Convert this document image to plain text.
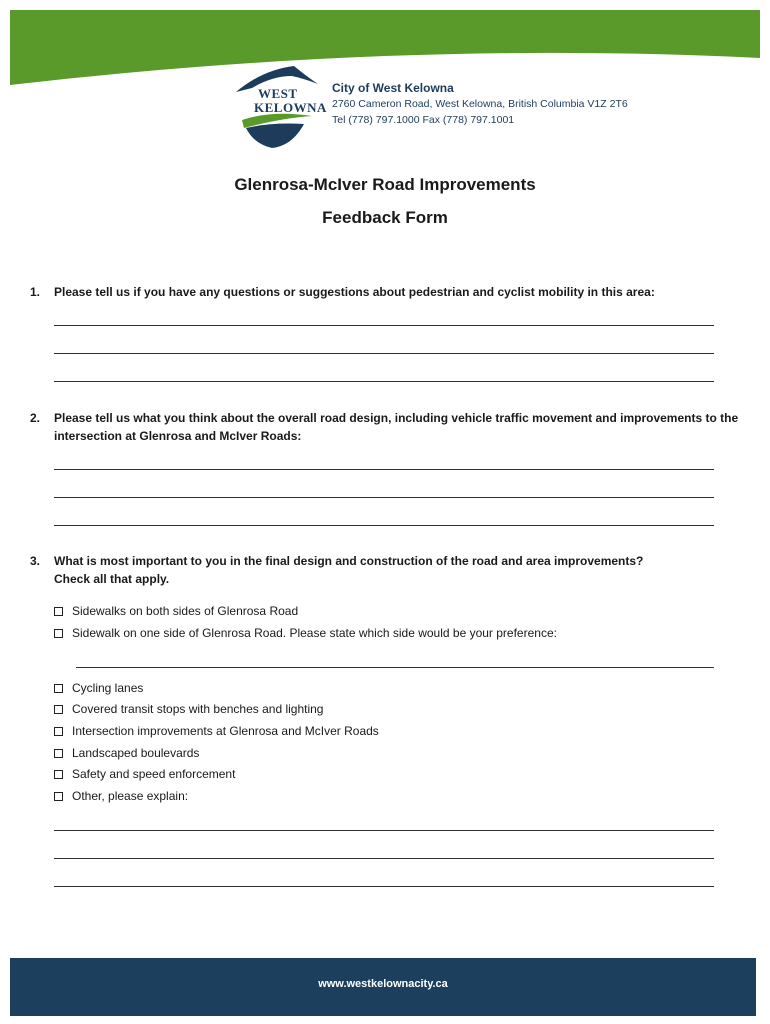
WEST
KELOWNA
City of West Kelowna
2760 Cameron Road, West Kelowna, British Columbia V1Z 2T6
Tel (778) 797.1000 Fax (778) 797.1001
Glenrosa-McIver Road Improvements
Feedback Form
1.	Please tell us if you have any questions or suggestions about pedestrian and cyclist mobility in this area:
2.	Please tell us what you think about the overall road design, including vehicle traffic movement and improvements to the intersection at Glenrosa and McIver Roads:
3.	What is most important to you in the final design and construction of the road and area improvements? Check all that apply.
Sidewalks on both sides of Glenrosa Road
Sidewalk on one side of Glenrosa Road. Please state which side would be your preference:
Cycling lanes
Covered transit stops with benches and lighting
Intersection improvements at Glenrosa and McIver Roads
Landscaped boulevards
Safety and speed enforcement
Other, please explain:
www.westkelownacity.ca
